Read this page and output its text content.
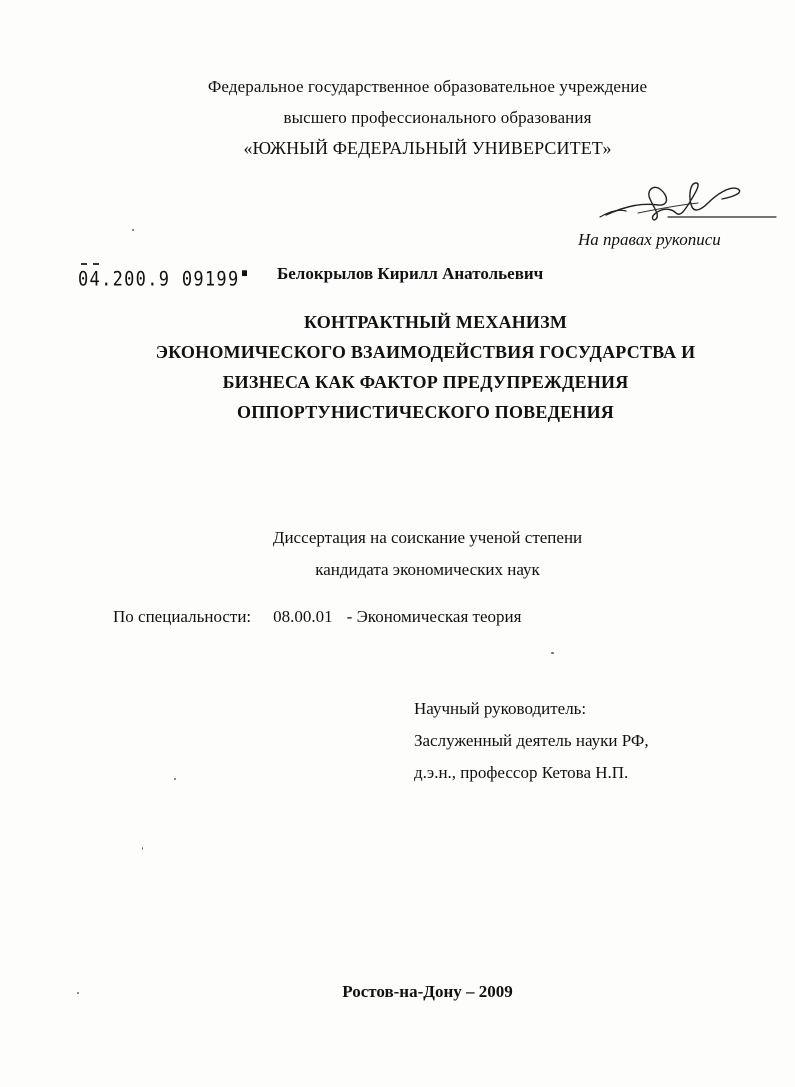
Федеральное государственное образовательное учреждение
высшего профессионального образования
«ЮЖНЫЙ ФЕДЕРАЛЬНЫЙ УНИВЕРСИТЕТ»
На правах рукописи
04.200.9 09199	Белокрылов Кирилл Анатольевич
КОНТРАКТНЫЙ МЕХАНИЗМ
ЭКОНОМИЧЕСКОГО ВЗАИМОДЕЙСТВИЯ ГОСУДАРСТВА И
БИЗНЕСА КАК ФАКТОР ПРЕДУПРЕЖДЕНИЯ
ОППОРТУНИСТИЧЕСКОГО ПОВЕДЕНИЯ
Диссертация на соискание ученой степени
кандидата экономических наук
По специальности: 08.00.01 - Экономическая теория
Научный руководитель:
Заслуженный деятель науки РФ,
д.э.н., профессор Кетова Н.П.
Ростов-на-Дону – 2009
